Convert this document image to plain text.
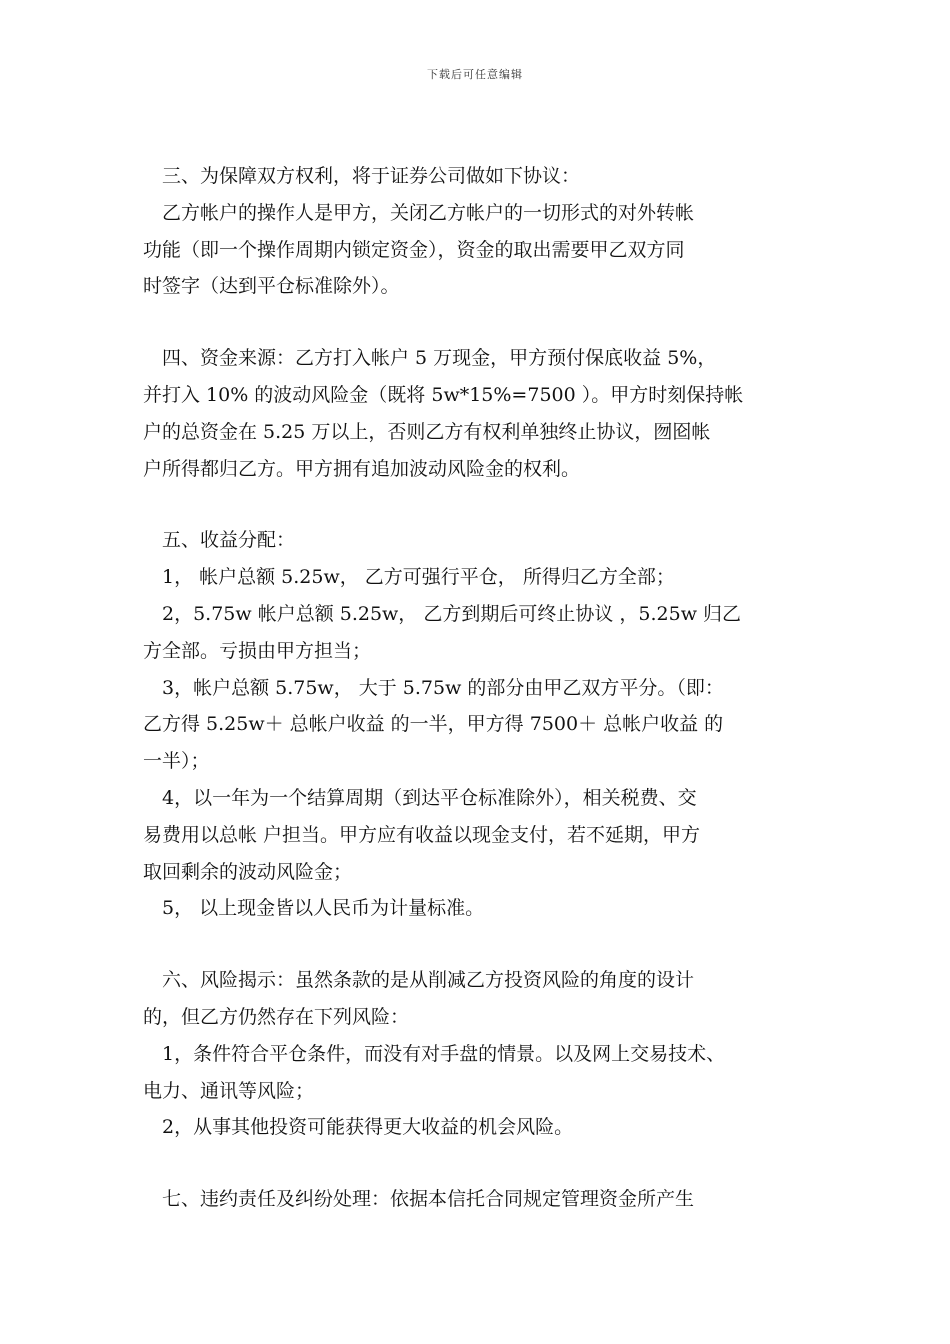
下载后可任意编辑
　三、为保障双方权利，将于证券公司做如下协议：
　乙方帐户的操作人是甲方，关闭乙方帐户的一切形式的对外转帐
功能（即一个操作周期内锁定资金），资金的取出需要甲乙双方同
时签字（达到平仓标准除外）。
　四、资金来源：乙方打入帐户 5 万现金，甲方预付保底收益 5%，
并打入 10% 的波动风险金（既将 5w*15%=7500 ）。甲方时刻保持帐
户的总资金在 5.25 万以上，否则乙方有权利单独终止协议，囫囵帐
户所得都归乙方。甲方拥有追加波动风险金的权利。
　五、收益分配：
　1， 帐户总额 5.25w， 乙方可强行平仓， 所得归乙方全部；
　2，5.75w 帐户总额 5.25w， 乙方到期后可终止协议 ，5.25w 归乙
方全部。亏损由甲方担当；
　3，帐户总额 5.75w， 大于 5.75w 的部分由甲乙双方平分。（即：
乙方得 5.25w＋ 总帐户收益 的一半，甲方得 7500＋ 总帐户收益 的
一半）；
　4，以一年为一个结算周期（到达平仓标准除外），相关税费、交
易费用以总帐 户担当。甲方应有收益以现金支付，若不延期，甲方
取回剩余的波动风险金；
　5， 以上现金皆以人民币为计量标准。
　六、风险揭示：虽然条款的是从削减乙方投资风险的角度的设计
的，但乙方仍然存在下列风险：
　1，条件符合平仓条件，而没有对手盘的情景。以及网上交易技术、
电力、通讯等风险；
　2，从事其他投资可能获得更大收益的机会风险。
　七、违约责任及纠纷处理：依据本信托合同规定管理资金所产生
